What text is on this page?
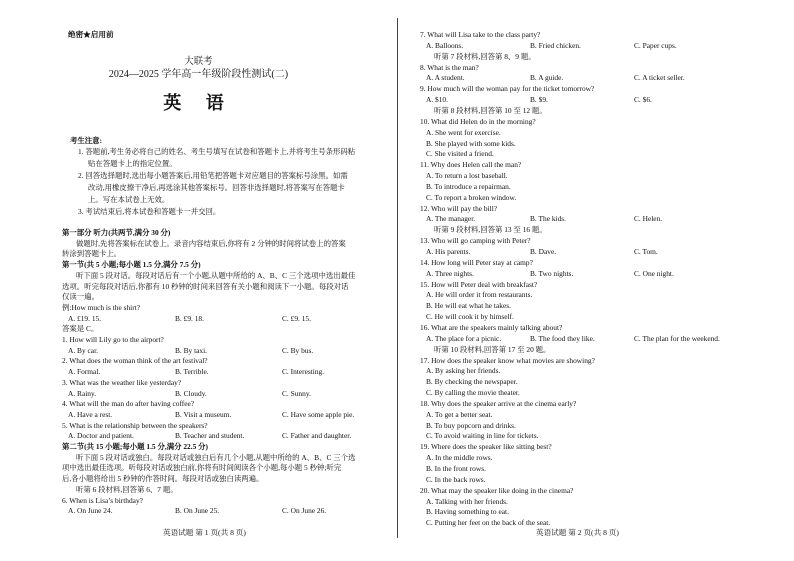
绝密★启用前
大联考
2024—2025 学年高一年级阶段性测试(二)
英 语
考生注意:
1. 答题前,考生务必将自己的姓名、考生号填写在试卷和答题卡上,并将考生号条形码粘
贴在答题卡上的指定位置。
2. 回答选择题时,选出每小题答案后,用铅笔把答题卡对应题目的答案标号涂黑。如需
改动,用橡皮擦干净后,再选涂其他答案标号。回答非选择题时,将答案写在答题卡
上。写在本试卷上无效。
3. 考试结束后,将本试卷和答题卡一并交回。
第一部分 听力(共两节,满分 30 分)
做题时,先将答案标在试卷上。录音内容结束后,你将有 2 分钟的时间将试卷上的答案
转涂到答题卡上。
第一节(共 5 小题;每小题 1.5 分,满分 7.5 分)
听下面 5 段对话。每段对话后有一个小题,从题中所给的 A、B、C 三个选项中选出最佳
选项。听完每段对话后,你都有 10 秒钟的时间来回答有关小题和阅读下一小题。每段对话
仅读一遍。
例:How much is the shirt?
A. £19. 15.	B. £9. 18.	C. £9. 15.
答案是 C。
1. How will Lily go to the airport?
A. By car.	B. By taxi.	C. By bus.
2. What does the woman think of the art festival?
A. Formal.	B. Terrible.	C. Interesting.
3. What was the weather like yesterday?
A. Rainy.	B. Cloudy.	C. Sunny.
4. What will the man do after having coffee?
A. Have a rest.	B. Visit a museum.	C. Have some apple pie.
5. What is the relationship between the speakers?
A. Doctor and patient.	B. Teacher and student.	C. Father and daughter.
第二节(共 15 小题;每小题 1.5 分,满分 22.5 分)
听下面 5 段对话或独白。每段对话或独白后有几个小题,从题中所给的 A、B、C 三个选
项中选出最佳选项。听每段对话或独白前,你将有时间阅读各个小题,每小题 5 秒钟;听完
后,各小题将给出 5 秒钟的作答时间。每段对话或独白读两遍。
听第 6 段材料,回答第 6、7 题。
6. When is Lisa’s birthday?
A. On June 24.	B. On June 25.	C. On June 26.
英语试题 第 1 页(共 8 页)
7. What will Lisa take to the class party?
A. Balloons.	B. Fried chicken.	C. Paper cups.
听第 7 段材料,回答第 8、9 题。
8. What is the man?
A. A student.	B. A guide.	C. A ticket seller.
9. How much will the woman pay for the ticket tomorrow?
A. $10.	B. $9.	C. $6.
听第 8 段材料,回答第 10 至 12 题。
10. What did Helen do in the morning?
A. She went for exercise.
B. She played with some kids.
C. She visited a friend.
11. Why does Helen call the man?
A. To return a lost baseball.
B. To introduce a repairman.
C. To report a broken window.
12. Who will pay the bill?
A. The manager.	B. The kids.	C. Helen.
听第 9 段材料,回答第 13 至 16 题。
13. Who will go camping with Peter?
A. His parents.	B. Dave.	C. Tom.
14. How long will Peter stay at camp?
A. Three nights.	B. Two nights.	C. One night.
15. How will Peter deal with breakfast?
A. He will order it from restaurants.
B. He will eat what he takes.
C. He will cook it by himself.
16. What are the speakers mainly talking about?
A. The place for a picnic.	B. The food they like.	C. The plan for the weekend.
听第 10 段材料,回答第 17 至 20 题。
17. How does the speaker know what movies are showing?
A. By asking her friends.
B. By checking the newspaper.
C. By calling the movie theater.
18. Why does the speaker arrive at the cinema early?
A. To get a better seat.
B. To buy popcorn and drinks.
C. To avoid waiting in line for tickets.
19. Where does the speaker like sitting best?
A. In the middle rows.
B. In the front rows.
C. In the back rows.
20. What may the speaker like doing in the cinema?
A. Talking with her friends.
B. Having something to eat.
C. Putting her feet on the back of the seat.
英语试题 第 2 页(共 8 页)
